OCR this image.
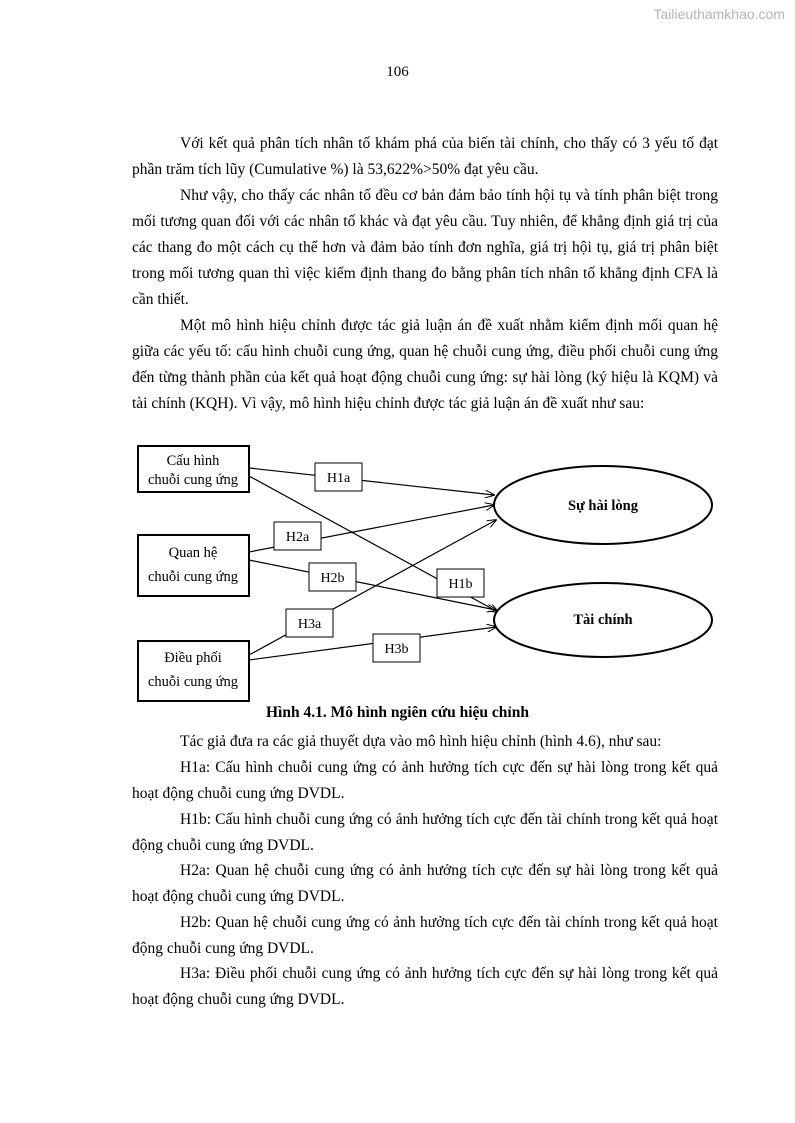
Tailieuthamkhao.com
106

Với kết quả phân tích nhân tố khám phá của biến tài chính, cho thấy có 3 yếu tố đạt phần trăm tích lũy (Cumulative %) là 53,622%>50% đạt yêu cầu.

Như vậy, cho thấy các nhân tố đều cơ bản đảm bảo tính hội tụ và tính phân biệt trong mối tương quan đối với các nhân tố khác và đạt yêu cầu. Tuy nhiên, để khẳng định giá trị của các thang đo một cách cụ thể hơn và đảm bảo tính đơn nghĩa, giá trị hội tụ, giá trị phân biệt trong mối tương quan thì việc kiểm định thang đo bằng phân tích nhân tố khẳng định CFA là cần thiết.

Một mô hình hiệu chỉnh được tác giả luận án đề xuất nhằm kiểm định mối quan hệ giữa các yếu tố: cấu hình chuỗi cung ứng, quan hệ chuỗi cung ứng, điều phối chuỗi cung ứng đến từng thành phần của kết quả hoạt động chuỗi cung ứng: sự hài lòng (ký hiệu là KQM) và tài chính (KQH). Vì vậy, mô hình hiệu chỉnh được tác giả luận án đề xuất như sau:

Cấu hình
chuỗi cung ứng
Quan hệ
chuỗi cung ứng
Điều phối
chuỗi cung ứng
Sự hài lòng
Tài chính
H1a
H1b
H2a
H2b
H3a
H3b
Hình 4.1. Mô hình ngiên cứu hiệu chỉnh

Tác giả đưa ra các giả thuyết dựa vào mô hình hiệu chỉnh (hình 4.6), như sau:

H1a: Cấu hình chuỗi cung ứng có ảnh hưởng tích cực đến sự hài lòng trong kết quả hoạt động chuỗi cung ứng DVDL.

H1b: Cấu hình chuỗi cung ứng có ảnh hưởng tích cực đến tài chính trong kết quả hoạt động chuỗi cung ứng DVDL.

H2a: Quan hệ chuỗi cung ứng có ảnh hưởng tích cực đến sự hài lòng trong kết quả hoạt động chuỗi cung ứng DVDL.

H2b: Quan hệ chuỗi cung ứng có ảnh hưởng tích cực đến tài chính trong kết quả hoạt động chuỗi cung ứng DVDL.

H3a: Điều phối chuỗi cung ứng có ảnh hưởng tích cực đến sự hài lòng trong kết quả hoạt động chuỗi cung ứng DVDL.
